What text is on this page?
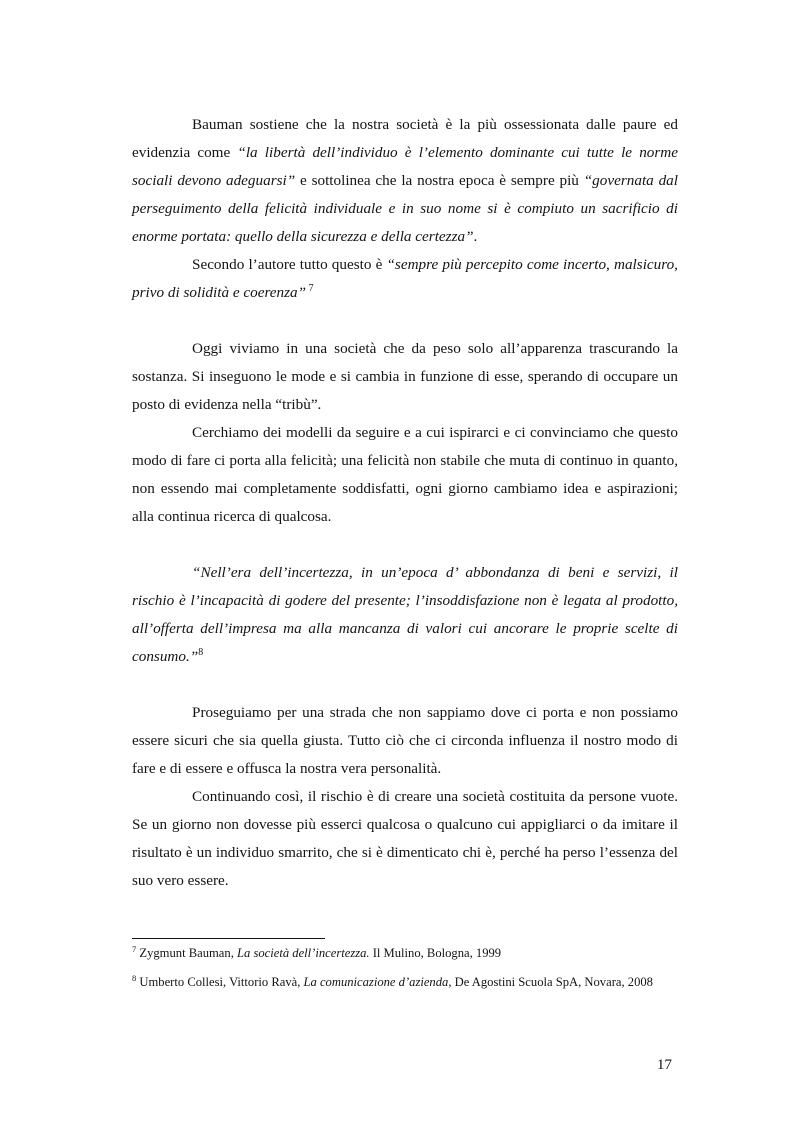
Bauman sostiene che la nostra società è la più ossessionata dalle paure ed evidenzia come “la libertà dell’individuo è l’elemento dominante cui tutte le norme sociali devono adeguarsi” e sottolinea che la nostra epoca è sempre più “governata dal perseguimento della felicità individuale e in suo nome si è compiuto un sacrificio di enorme portata: quello della sicurezza e della certezza”.

Secondo l’autore tutto questo è “sempre più percepito come incerto, malsicuro, privo di solidità e coerenza” $^7$

Oggi viviamo in una società che da peso solo all’apparenza trascurando la sostanza. Si inseguono le mode e si cambia in funzione di esse, sperando di occupare un posto di evidenza nella “tribù”.

Cerchiamo dei modelli da seguire e a cui ispirarci e ci convinciamo che questo modo di fare ci porta alla felicità; una felicità non stabile che muta di continuo in quanto, non essendo mai completamente soddisfatti, ogni giorno cambiamo idea e aspirazioni; alla continua ricerca di qualcosa.

“Nell’era dell’incertezza, in un’epoca d’ abbondanza di beni e servizi, il rischio è l’incapacità di godere del presente; l’insoddisfazione non è legata al prodotto, all’offerta dell’impresa ma alla mancanza di valori cui ancorare le proprie scelte di consumo.”$^8$

Proseguiamo per una strada che non sappiamo dove ci porta e non possiamo essere sicuri che sia quella giusta. Tutto ciò che ci circonda influenza il nostro modo di fare e di essere e offusca la nostra vera personalità.

Continuando così, il rischio è di creare una società costituita da persone vuote. Se un giorno non dovesse più esserci qualcosa o qualcuno cui appigliarci o da imitare il risultato è un individuo smarrito, che si è dimenticato chi è, perché ha perso l’essenza del suo vero essere.

$^7$ Zygmunt Bauman, La società dell’incertezza. Il Mulino, Bologna, 1999

$^8$ Umberto Collesi, Vittorio Ravà, La comunicazione d’azienda, De Agostini Scuola SpA, Novara, 2008

17
